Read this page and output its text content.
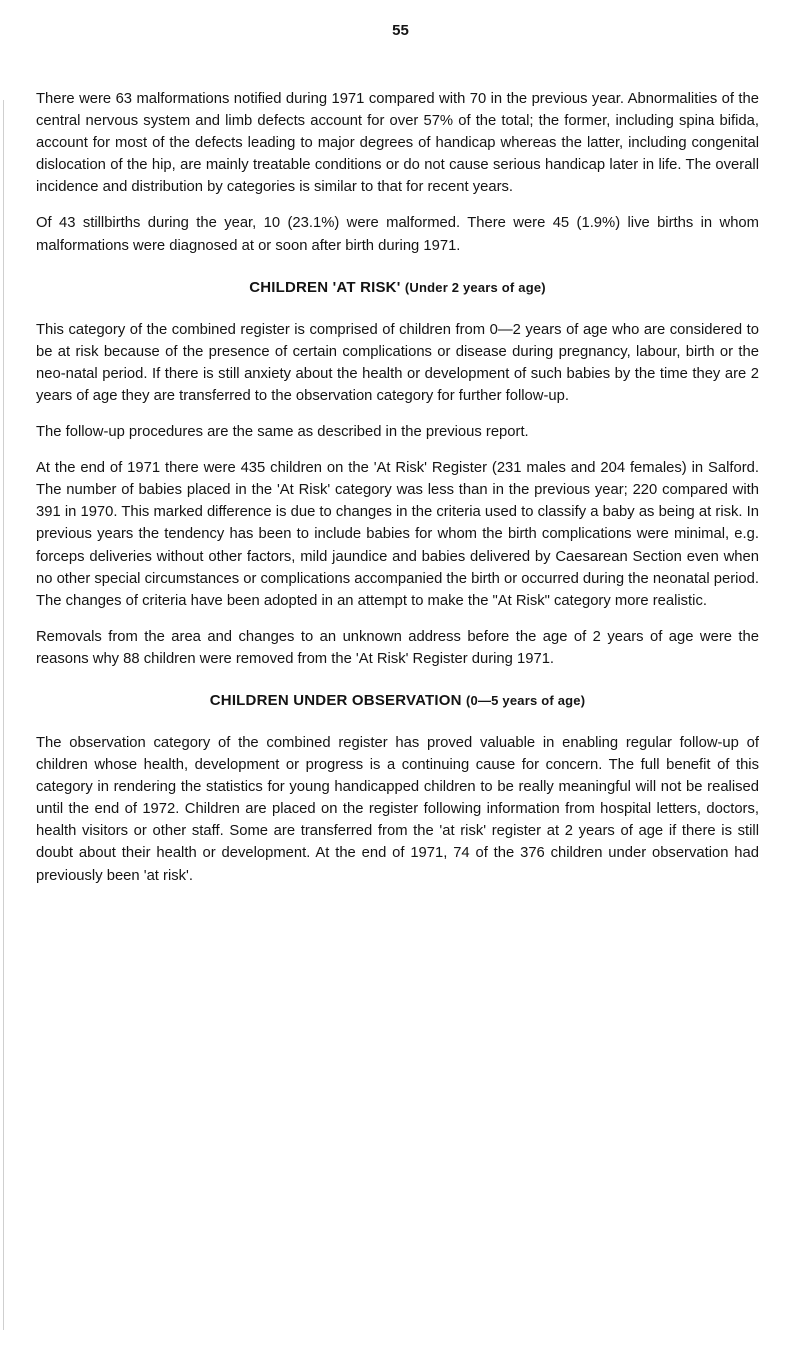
55

There were 63 malformations notified during 1971 compared with 70 in the previous year. Abnormalities of the central nervous system and limb defects account for over 57% of the total; the former, including spina bifida, account for most of the defects leading to major degrees of handicap whereas the latter, including congenital dislocation of the hip, are mainly treatable conditions or do not cause serious handicap later in life. The overall incidence and distribution by categories is similar to that for recent years.

Of 43 stillbirths during the year, 10 (23.1%) were malformed. There were 45 (1.9%) live births in whom malformations were diagnosed at or soon after birth during 1971.

CHILDREN 'AT RISK' (Under 2 years of age)

This category of the combined register is comprised of children from 0—2 years of age who are considered to be at risk because of the presence of certain complications or disease during pregnancy, labour, birth or the neo-natal period. If there is still anxiety about the health or development of such babies by the time they are 2 years of age they are transferred to the observation category for further follow-up.

The follow-up procedures are the same as described in the previous report.

At the end of 1971 there were 435 children on the 'At Risk' Register (231 males and 204 females) in Salford. The number of babies placed in the 'At Risk' category was less than in the previous year; 220 compared with 391 in 1970. This marked difference is due to changes in the criteria used to classify a baby as being at risk. In previous years the tendency has been to include babies for whom the birth complications were minimal, e.g. forceps deliveries without other factors, mild jaundice and babies delivered by Caesarean Section even when no other special circumstances or complications accompanied the birth or occurred during the neonatal period. The changes of criteria have been adopted in an attempt to make the "At Risk" category more realistic.

Removals from the area and changes to an unknown address before the age of 2 years of age were the reasons why 88 children were removed from the 'At Risk' Register during 1971.

CHILDREN UNDER OBSERVATION (0—5 years of age)

The observation category of the combined register has proved valuable in enabling regular follow-up of children whose health, development or progress is a continuing cause for concern. The full benefit of this category in rendering the statistics for young handicapped children to be really meaningful will not be realised until the end of 1972. Children are placed on the register following information from hospital letters, doctors, health visitors or other staff. Some are transferred from the 'at risk' register at 2 years of age if there is still doubt about their health or development. At the end of 1971, 74 of the 376 children under observation had previously been 'at risk'.
